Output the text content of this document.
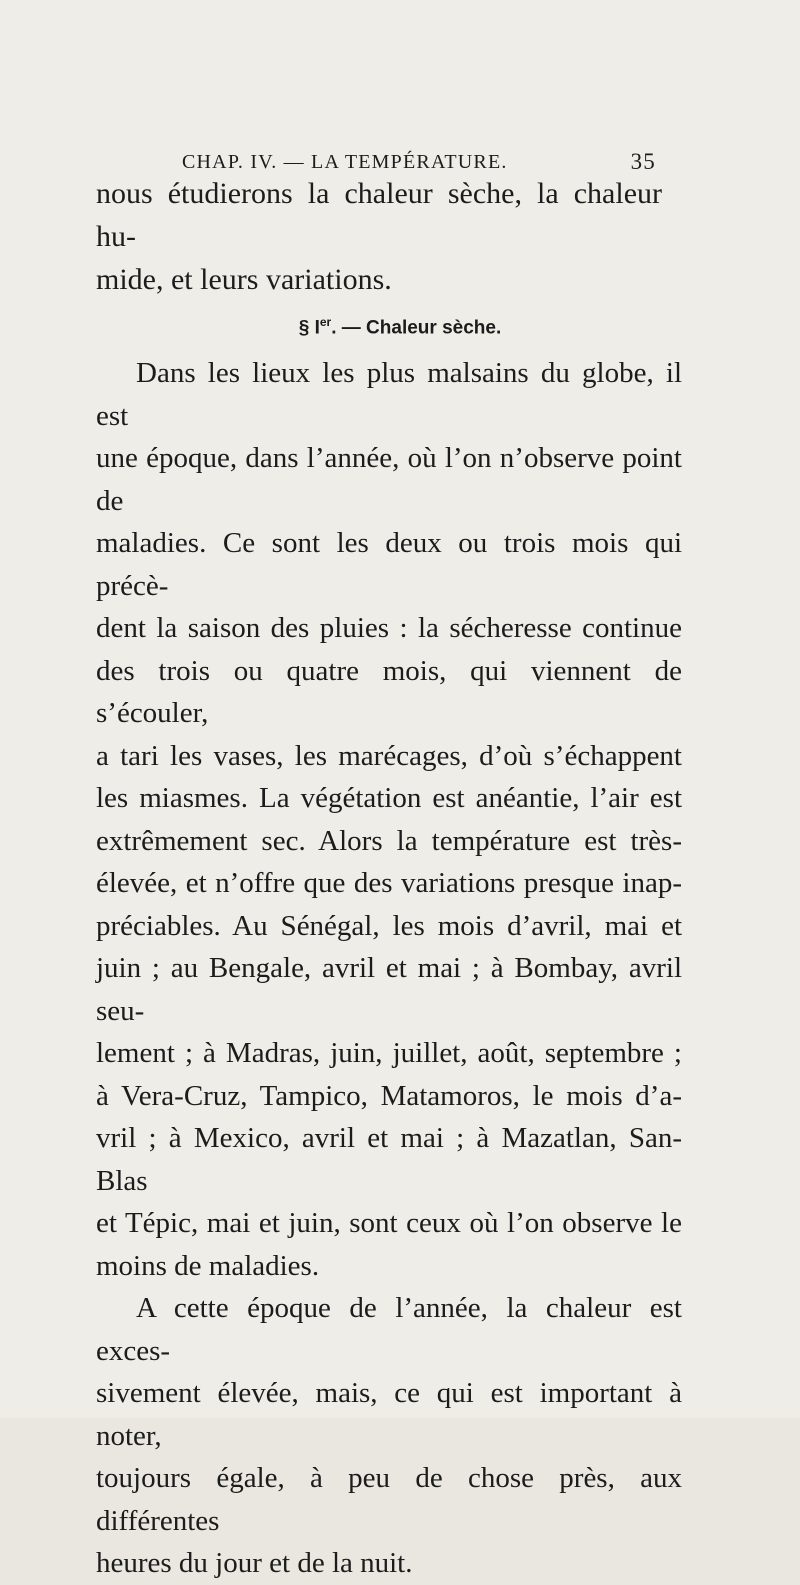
CHAP. IV. — LA TEMPÉRATURE.	35
nous étudierons la chaleur sèche, la chaleur hu-
mide, et leurs variations.
§ Ier. — Chaleur sèche.
Dans les lieux les plus malsains du globe, il est
une époque, dans l’année, où l’on n’observe point de
maladies. Ce sont les deux ou trois mois qui précè-
dent la saison des pluies : la sécheresse continue
des trois ou quatre mois, qui viennent de s’écouler,
a tari les vases, les marécages, d’où s’échappent
les miasmes. La végétation est anéantie, l’air est
extrêmement sec. Alors la température est très-
élevée, et n’offre que des variations presque inap-
préciables. Au Sénégal, les mois d’avril, mai et
juin ; au Bengale, avril et mai ; à Bombay, avril seu-
lement ; à Madras, juin, juillet, août, septembre ;
à Vera-Cruz, Tampico, Matamoros, le mois d’a-
vril ; à Mexico, avril et mai ; à Mazatlan, San-Blas
et Tépic, mai et juin, sont ceux où l’on observe le
moins de maladies.
A cette époque de l’année, la chaleur est exces-
sivement élevée, mais, ce qui est important à noter,
toujours égale, à peu de chose près, aux différentes
heures du jour et de la nuit.
